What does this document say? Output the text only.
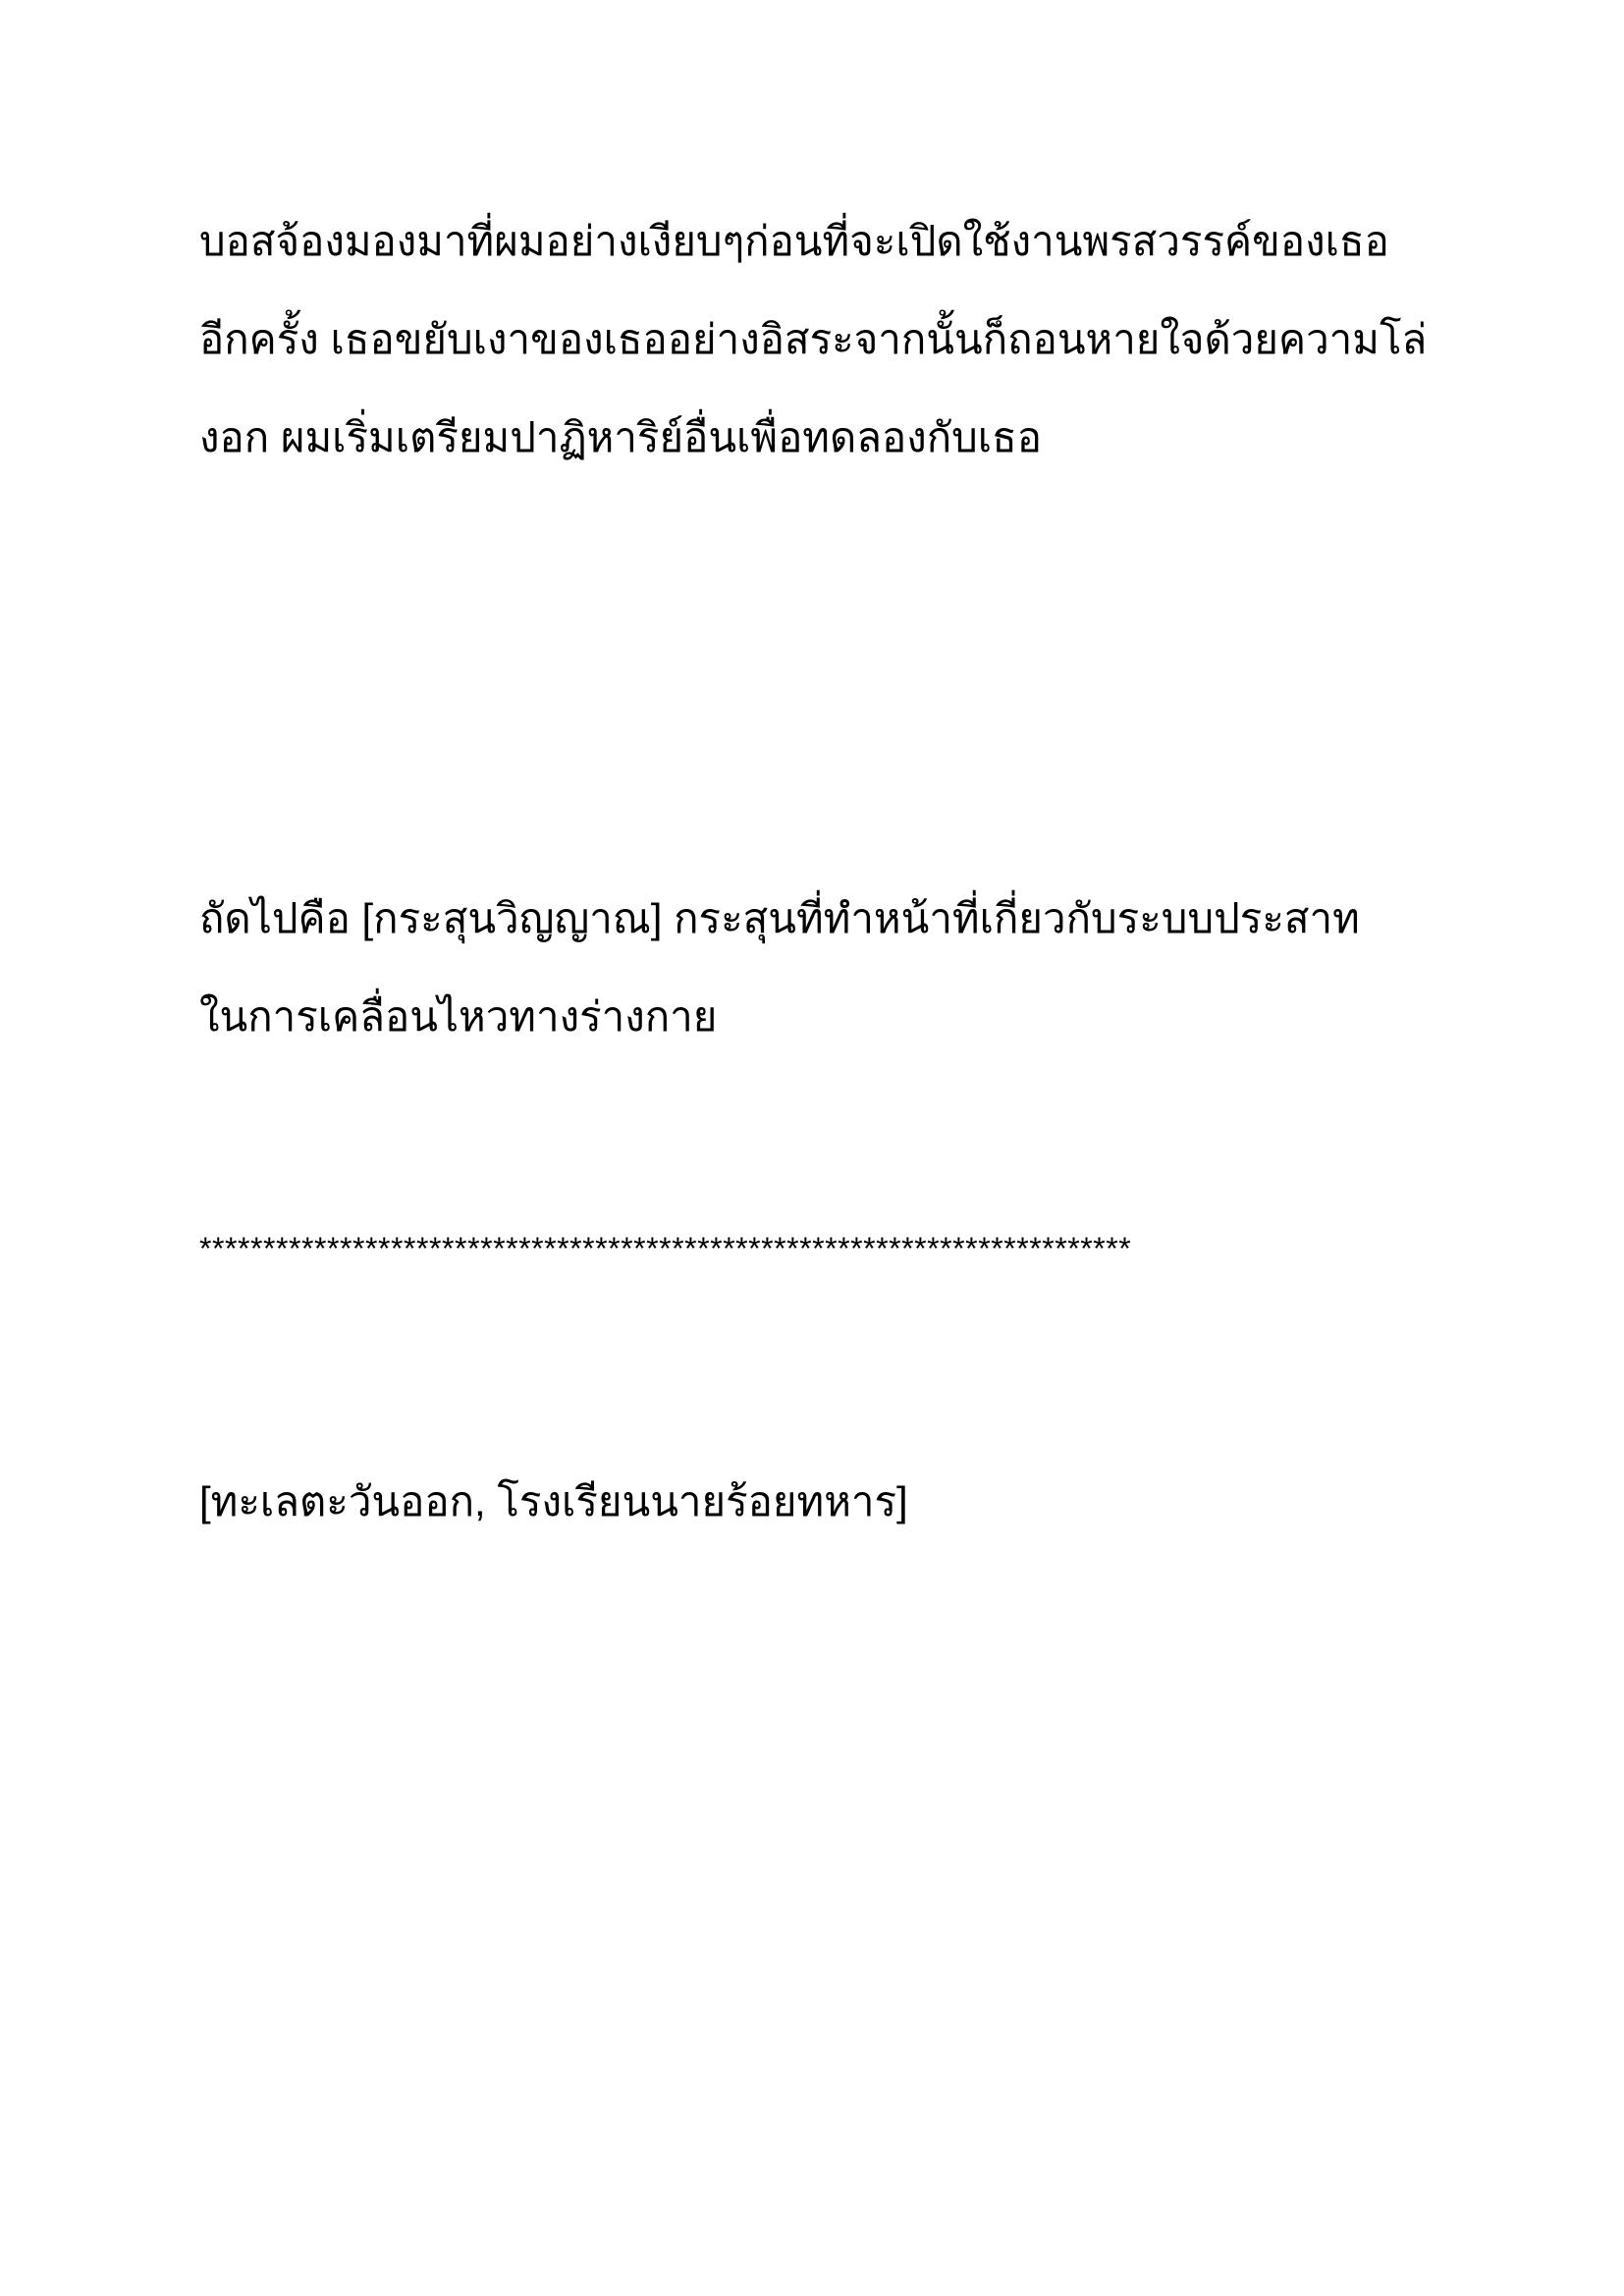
บอสจ้องมองมาที่ผมอย่างเงียบๆก่อนที่จะเปิดใช้งานพรสวรรค์ของเธอ
อีกครั้ง เธอขยับเงาของเธออย่างอิสระจากนั้นก็ถอนหายใจด้วยความโล่
งอก ผมเริ่มเตรียมปาฏิหาริย์อื่นเพื่อทดลองกับเธอ
ถัดไปคือ [กระสุนวิญญาณ] กระสุนที่ทำหน้าที่เกี่ยวกับระบบประสาท
ในการเคลื่อนไหวทางร่างกาย
*************************************************************************
[ทะเลตะวันออก, โรงเรียนนายร้อยทหาร]
